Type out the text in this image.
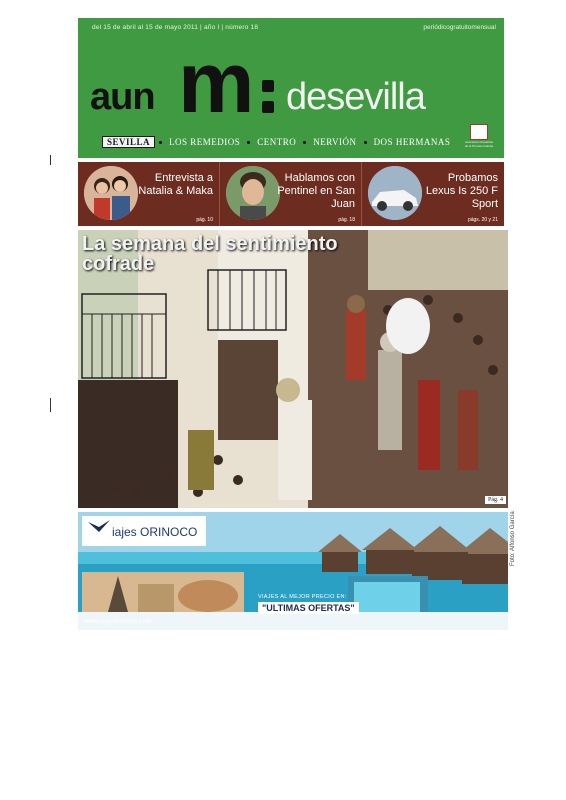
del 15 de abril al 15 de mayo 2011 | año I | número 18	periódicogratuitomensual
aun m desevilla
SEVILLA	LOS REMEDIOS	CENTRO	NERVIÓN	DOS HERMANAS	Asociación Española de la Prensa Gratuita
Entrevista a Natalia & Maka
pág. 10
Hablamos con Pentinel en San Juan
pág. 18
Probamos Lexus Is 250 F Sport
págs. 20 y 21
La semana del sentimiento
cofrade
Pág. 4
Foto: Alfonso García
iajes ORINOCO
VIAJES AL MEJOR PRECIO EN:
"ULTIMAS OFERTAS"
www.viajesorinoco.com
